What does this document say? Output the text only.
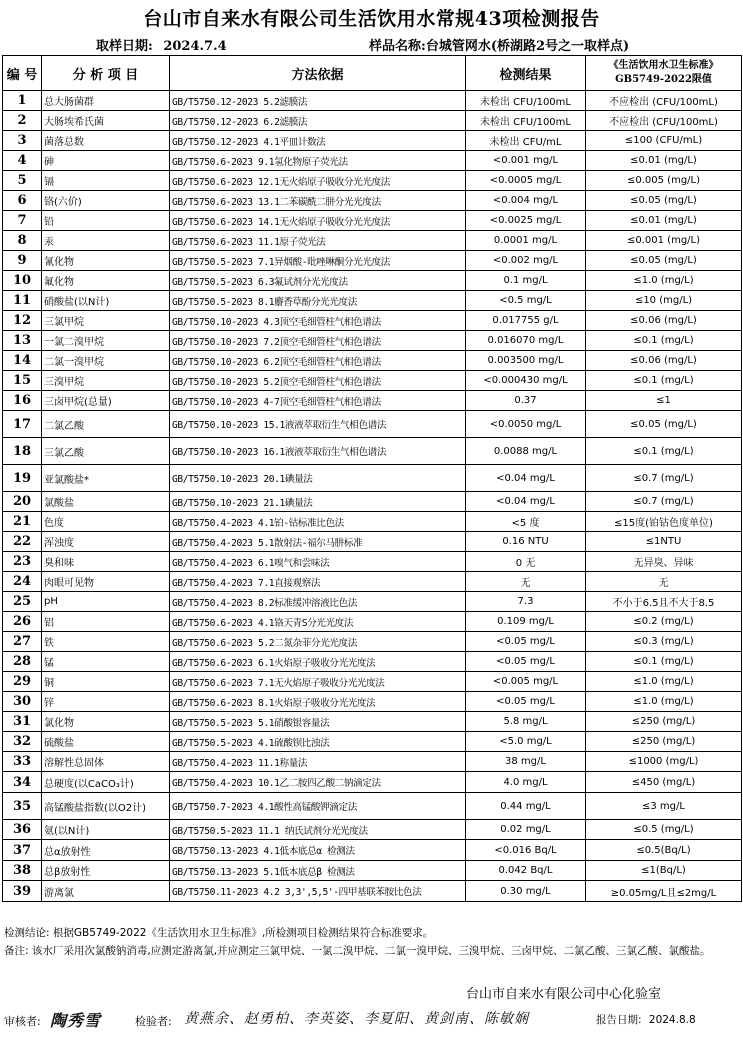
台山市自来水有限公司生活饮用水常规43项检测报告
取样日期: 2024.7.4	样品名称:台城管网水(桥湖路2号之一取样点)
编 号	分 析 项 目	方法依据	检测结果	《生活饮用水卫生标准》
GB5749-2022限值

1	总大肠菌群	GB/T5750.12-2023 5.2滤膜法	未检出 CFU/100mL	不应检出 (CFU/100mL)
2	大肠埃希氏菌	GB/T5750.12-2023 6.2滤膜法	未检出 CFU/100mL	不应检出 (CFU/100mL)
3	菌落总数	GB/T5750.12-2023 4.1平皿计数法	未检出 CFU/mL	≤100 (CFU/mL)
4	砷	GB/T5750.6-2023 9.1氢化物原子荧光法	<0.001 mg/L	≤0.01 (mg/L)
5	镉	GB/T5750.6-2023 12.1无火焰原子吸收分光光度法	<0.0005 mg/L	≤0.005 (mg/L)
6	铬(六价)	GB/T5750.6-2023 13.1二苯碳酰二肼分光光度法	<0.004 mg/L	≤0.05 (mg/L)
7	铅	GB/T5750.6-2023 14.1无火焰原子吸收分光光度法	<0.0025 mg/L	≤0.01 (mg/L)
8	汞	GB/T5750.6-2023 11.1原子荧光法	0.0001 mg/L	≤0.001 (mg/L)
9	氰化物	GB/T5750.5-2023 7.1异烟酸-吡唑啉酮分光光度法	<0.002 mg/L	≤0.05 (mg/L)
10	氟化物	GB/T5750.5-2023 6.3氟试剂分光光度法	0.1 mg/L	≤1.0 (mg/L)
11	硝酸盐(以N计)	GB/T5750.5-2023 8.1麝香草酚分光光度法	<0.5 mg/L	≤10 (mg/L)
12	三氯甲烷	GB/T5750.10-2023 4.3顶空毛细管柱气相色谱法	0.017755 g/L	≤0.06 (mg/L)
13	一氯二溴甲烷	GB/T5750.10-2023 7.2顶空毛细管柱气相色谱法	0.016070 mg/L	≤0.1 (mg/L)
14	二氯一溴甲烷	GB/T5750.10-2023 6.2顶空毛细管柱气相色谱法	0.003500 mg/L	≤0.06 (mg/L)
15	三溴甲烷	GB/T5750.10-2023 5.2顶空毛细管柱气相色谱法	<0.000430 mg/L	≤0.1 (mg/L)
16	三卤甲烷(总量)	GB/T5750.10-2023 4-7顶空毛细管柱气相色谱法	0.37	≤1
17	二氯乙酸	GB/T5750.10-2023 15.1液液萃取衍生气相色谱法	<0.0050 mg/L	≤0.05 (mg/L)
18	三氯乙酸	GB/T5750.10-2023 16.1液液萃取衍生气相色谱法	0.0088 mg/L	≤0.1 (mg/L)
19	亚氯酸盐*	GB/T5750.10-2023 20.1碘量法	<0.04 mg/L	≤0.7 (mg/L)
20	氯酸盐	GB/T5750.10-2023 21.1碘量法	<0.04 mg/L	≤0.7 (mg/L)
21	色度	GB/T5750.4-2023 4.1铂-钴标准比色法	<5 度	≤15度(铂钴色度单位)
22	浑浊度	GB/T5750.4-2023 5.1散射法-福尔马肼标准	0.16 NTU	≤1NTU
23	臭和味	GB/T5750.4-2023 6.1嗅气和尝味法	0 无	无异臭、异味
24	肉眼可见物	GB/T5750.4-2023 7.1直接观察法	无	无
25	pH	GB/T5750.4-2023 8.2标准缓冲溶液比色法	7.3	不小于6.5且不大于8.5
26	铝	GB/T5750.6-2023 4.1铬天青S分光光度法	0.109 mg/L	≤0.2 (mg/L)
27	铁	GB/T5750.6-2023 5.2二氮杂菲分光光度法	<0.05 mg/L	≤0.3 (mg/L)
28	锰	GB/T5750.6-2023 6.1火焰原子吸收分光光度法	<0.05 mg/L	≤0.1 (mg/L)
29	铜	GB/T5750.6-2023 7.1无火焰原子吸收分光光度法	<0.005 mg/L	≤1.0 (mg/L)
30	锌	GB/T5750.6-2023 8.1火焰原子吸收分光光度法	<0.05 mg/L	≤1.0 (mg/L)
31	氯化物	GB/T5750.5-2023 5.1硝酸银容量法	5.8 mg/L	≤250 (mg/L)
32	硫酸盐	GB/T5750.5-2023 4.1硫酸钡比浊法	<5.0 mg/L	≤250 (mg/L)
33	溶解性总固体	GB/T5750.4-2023 11.1称量法	38 mg/L	≤1000 (mg/L)
34	总硬度(以CaCO₃计)	GB/T5750.4-2023 10.1乙二胺四乙酸二钠滴定法	4.0 mg/L	≤450 (mg/L)
35	高锰酸盐指数(以O2计)	GB/T5750.7-2023 4.1酸性高锰酸钾滴定法	0.44 mg/L	≤3 mg/L
36	氨(以N计)	GB/T5750.5-2023 11.1 纳氏试剂分光光度法	0.02 mg/L	≤0.5 (mg/L)
37	总α放射性	GB/T5750.13-2023 4.1低本底总α 检测法	<0.016 Bq/L	≤0.5(Bq/L)
38	总β放射性	GB/T5750.13-2023 5.1低本底总β 检测法	0.042 Bq/L	≤1(Bq/L)
39	游离氯	GB/T5750.11-2023 4.2 3,3',5,5'-四甲基联苯胺比色法	0.30 mg/L	≥0.05mg/L且≤2mg/L
检测结论: 根据GB5749-2022《生活饮用水卫生标准》,所检测项目检测结果符合标准要求。
备注: 该水厂采用次氯酸钠消毒,应测定游离氯,并应测定三氯甲烷、一氯二溴甲烷、二氯一溴甲烷、三溴甲烷、三卤甲烷、二氯乙酸、三氯乙酸、氯酸盐。
台山市自来水有限公司中心化验室
审核者: 陶秀雪	检验者: 黄燕余、赵勇柏、李英姿、李夏阳、黄剑南、陈敏娴	报告日期: 2024.8.8
